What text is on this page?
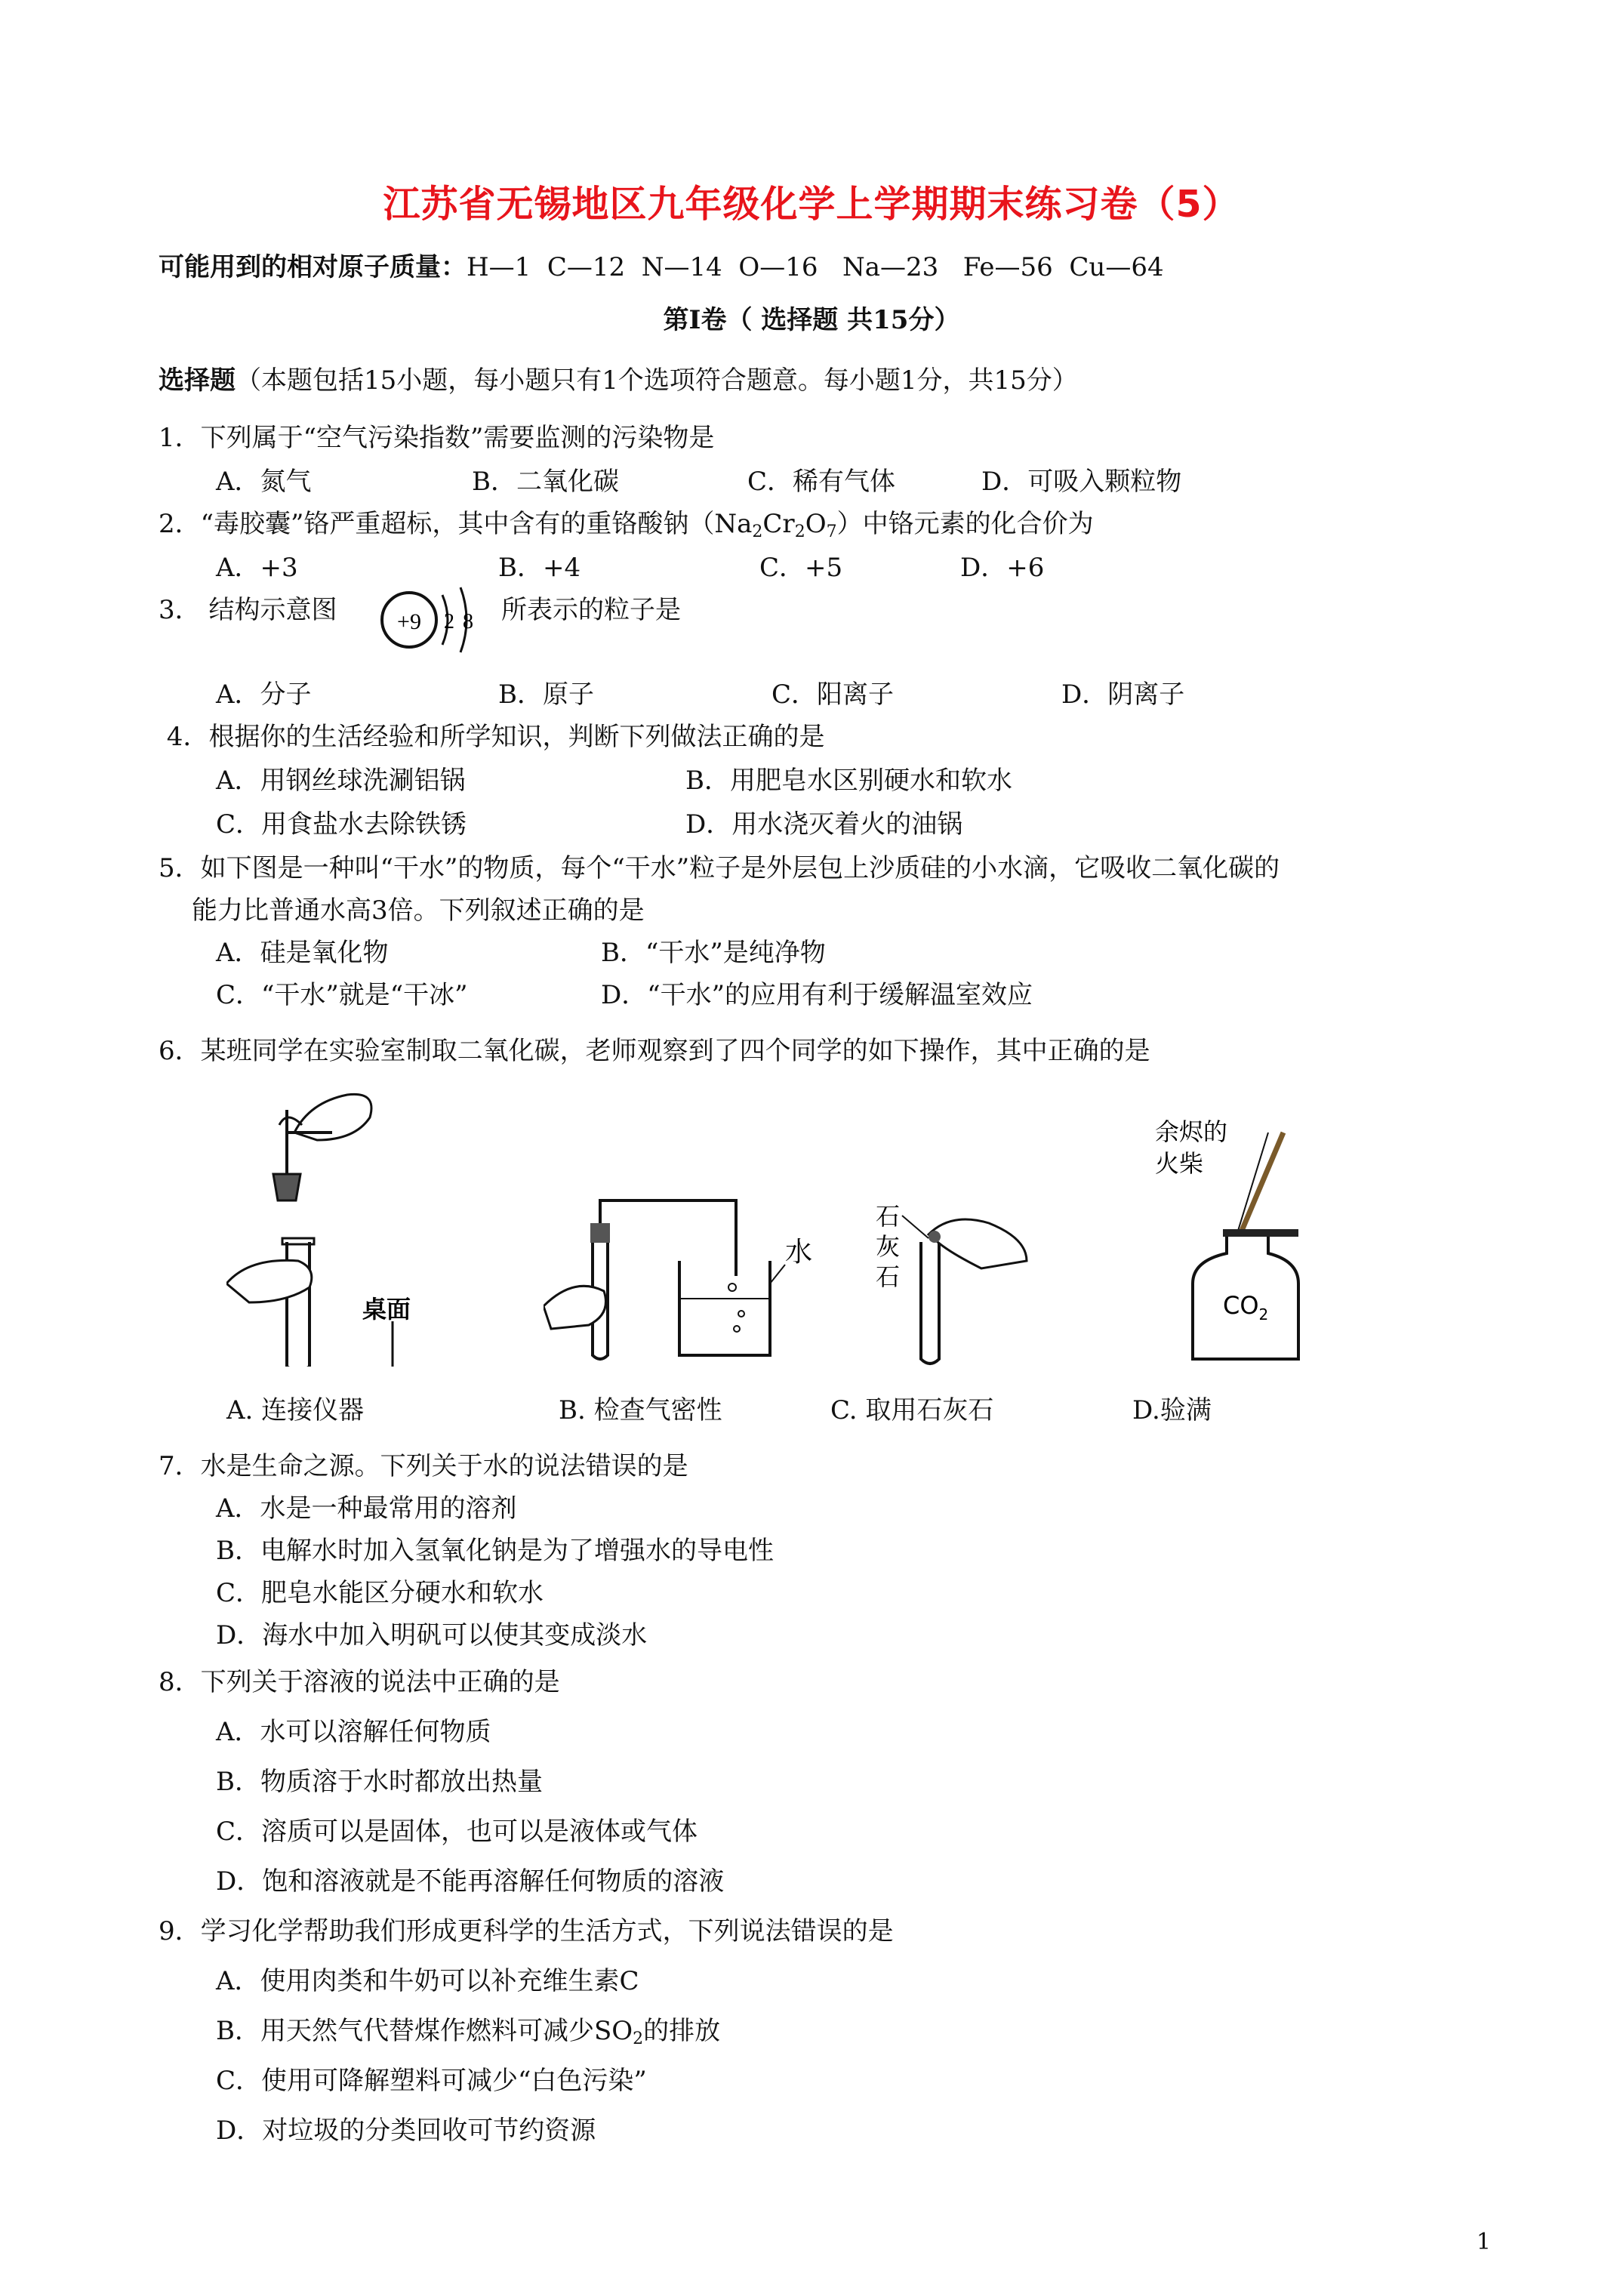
江苏省无锡地区九年级化学上学期期末练习卷（5）
可能用到的相对原子质量：H—1  C—12  N—14  O—16   Na—23   Fe—56  Cu—64
第Ⅰ卷（ 选择题 共15分）
选择题（本题包括15小题，每小题只有1个选项符合题意。每小题1分，共15分）
1．下列属于“空气污染指数”需要监测的污染物是
A．氮气	B．二氧化碳	C．稀有气体	D．可吸入颗粒物
2．“毒胶囊”铬严重超标，其中含有的重铬酸钠$(Na_2Cr_2O_7)$中铬元素的化合价为
A．+3	B．+4	C．+5	D．+6
3． 结构示意图	+9 2 8 所表示的粒子是
A．分子	B．原子	C．阳离子	D．阴离子
4．根据你的生活经验和所学知识，判断下列做法正确的是
A．用钢丝球洗涮铝锅	B．用肥皂水区别硬水和软水
C．用食盐水去除铁锈	D．用水浇灭着火的油锅
5．如下图是一种叫“干水”的物质，每个“干水”粒子是外层包上沙质硅的小水滴，它吸收二氧化碳的
能力比普通水高3倍。下列叙述正确的是
A．硅是氧化物	B．“干水”是纯净物
C．“干水”就是“干冰”	D．“干水”的应用有利于缓解温室效应
6．某班同学在实验室制取二氧化碳，老师观察到了四个同学的如下操作，其中正确的是
桌面
水
石
灰
石
余烬的
火柴
$CO_2$
A. 连接仪器	B. 检查气密性	C. 取用石灰石	D.验满
7．水是生命之源。下列关于水的说法错误的是
A．水是一种最常用的溶剂
B．电解水时加入氢氧化钠是为了增强水的导电性
C．肥皂水能区分硬水和软水
D．海水中加入明矾可以使其变成淡水
8．下列关于溶液的说法中正确的是
A．水可以溶解任何物质
B．物质溶于水时都放出热量
C．溶质可以是固体，也可以是液体或气体
D．饱和溶液就是不能再溶解任何物质的溶液
9．学习化学帮助我们形成更科学的生活方式，下列说法错误的是
A．使用肉类和牛奶可以补充维生素C
B．用天然气代替煤作燃料可减少$SO_2$的排放
C．使用可降解塑料可减少“白色污染”
D．对垃圾的分类回收可节约资源
1
